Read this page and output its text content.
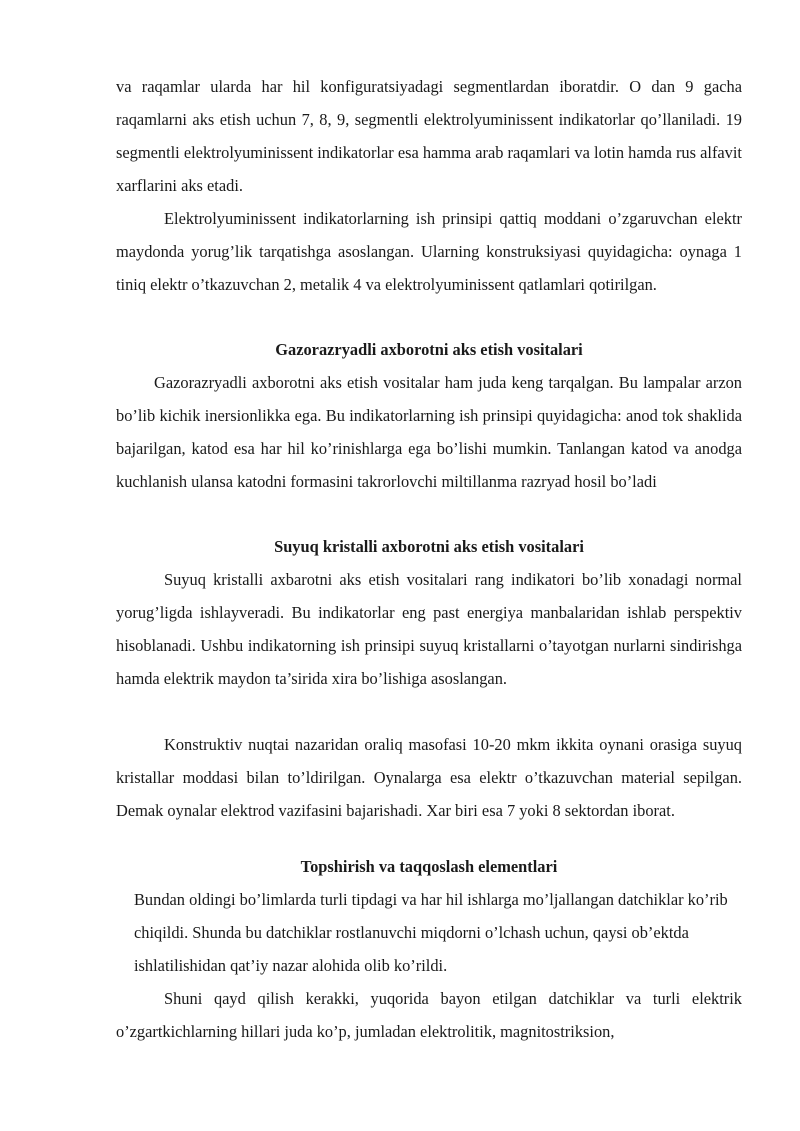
va raqamlar ularda har hil konfiguratsiyadagi segmentlardan iboratdir. O dan 9 gacha raqamlarni aks etish uchun 7, 8, 9, segmentli elektrolyuminissent indikatorlar qo’llaniladi. 19 segmentli elektrolyuminissent indikatorlar esa hamma arab raqamlari va lotin hamda rus alfavit xarflarini aks etadi.

Elektrolyuminissent indikatorlarning ish prinsipi qattiq moddani o’zgaruvchan elektr maydonda yorug’lik tarqatishga asoslangan. Ularning konstruksiyasi quyidagicha: oynaga 1 tiniq elektr o’tkazuvchan 2, metalik 4 va elektrolyuminissent qatlamlari qotirilgan.

Gazorazryadli axborotni aks etish vositalari

Gazorazryadli axborotni aks etish vositalar ham juda keng tarqalgan. Bu lampalar arzon bo’lib kichik inersionlikka ega. Bu indikatorlarning ish prinsipi quyidagicha: anod tok shaklida bajarilgan, katod esa har hil ko’rinishlarga ega bo’lishi mumkin. Tanlangan katod va anodga kuchlanish ulansa katodni formasini takrorlovchi miltillanma razryad hosil bo’ladi

Suyuq kristalli axborotni aks etish vositalari

Suyuq kristalli axbarotni aks etish vositalari rang indikatori bo’lib xonadagi normal yorug’ligda ishlayveradi. Bu indikatorlar eng past energiya manbalaridan ishlab perspektiv hisoblanadi. Ushbu indikatorning ish prinsipi suyuq kristallarni o’tayotgan nurlarni sindirishga hamda elektrik maydon ta’sirida xira bo’lishiga asoslangan.

Konstruktiv nuqtai nazaridan oraliq masofasi 10-20 mkm ikkita oynani orasiga suyuq kristallar moddasi bilan to’ldirilgan. Oynalarga esa elektr o’tkazuvchan material sepilgan. Demak oynalar elektrod vazifasini bajarishadi. Xar biri esa 7 yoki 8 sektordan iborat.

Topshirish va taqqoslash elementlari

Bundan oldingi bo’limlarda turli tipdagi va har hil ishlarga mo’ljallangan datchiklar ko’rib chiqildi. Shunda bu datchiklar rostlanuvchi miqdorni o’lchash uchun, qaysi ob’ektda ishlatilishidan qat’iy nazar alohida olib ko’rildi.

Shuni qayd qilish kerakki, yuqorida bayon etilgan datchiklar va turli elektrik o’zgartkichlarning hillari juda ko’p, jumladan elektrolitik, magnitostriksion,
